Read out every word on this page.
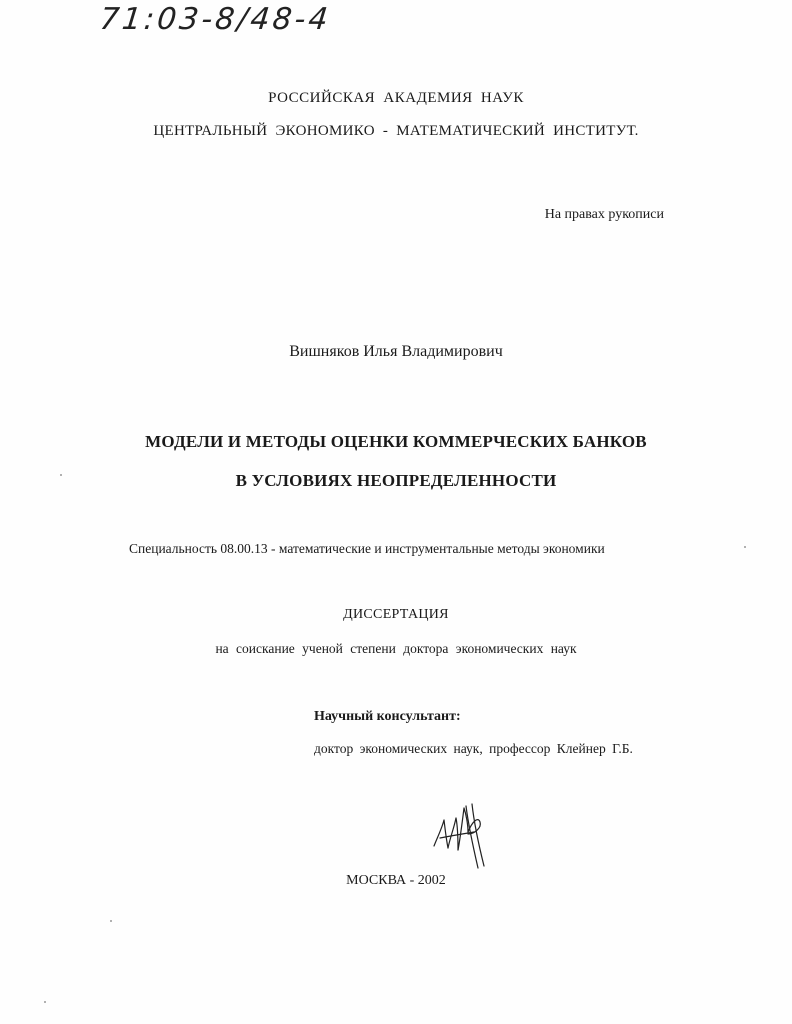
71:03-8/48-4
РОССИЙСКАЯ АКАДЕМИЯ НАУК
ЦЕНТРАЛЬНЫЙ ЭКОНОМИКО - МАТЕМАТИЧЕСКИЙ ИНСТИТУТ.
На правах рукописи
Вишняков Илья Владимирович
МОДЕЛИ И МЕТОДЫ ОЦЕНКИ КОММЕРЧЕСКИХ БАНКОВ
В УСЛОВИЯХ НЕОПРЕДЕЛЕННОСТИ
Специальность 08.00.13 - математические и инструментальные методы экономики
ДИССЕРТАЦИЯ
на соискание ученой степени доктора экономических наук
Научный консультант:
доктор экономических наук, профессор Клейнер Г.Б.
МОСКВА - 2002
